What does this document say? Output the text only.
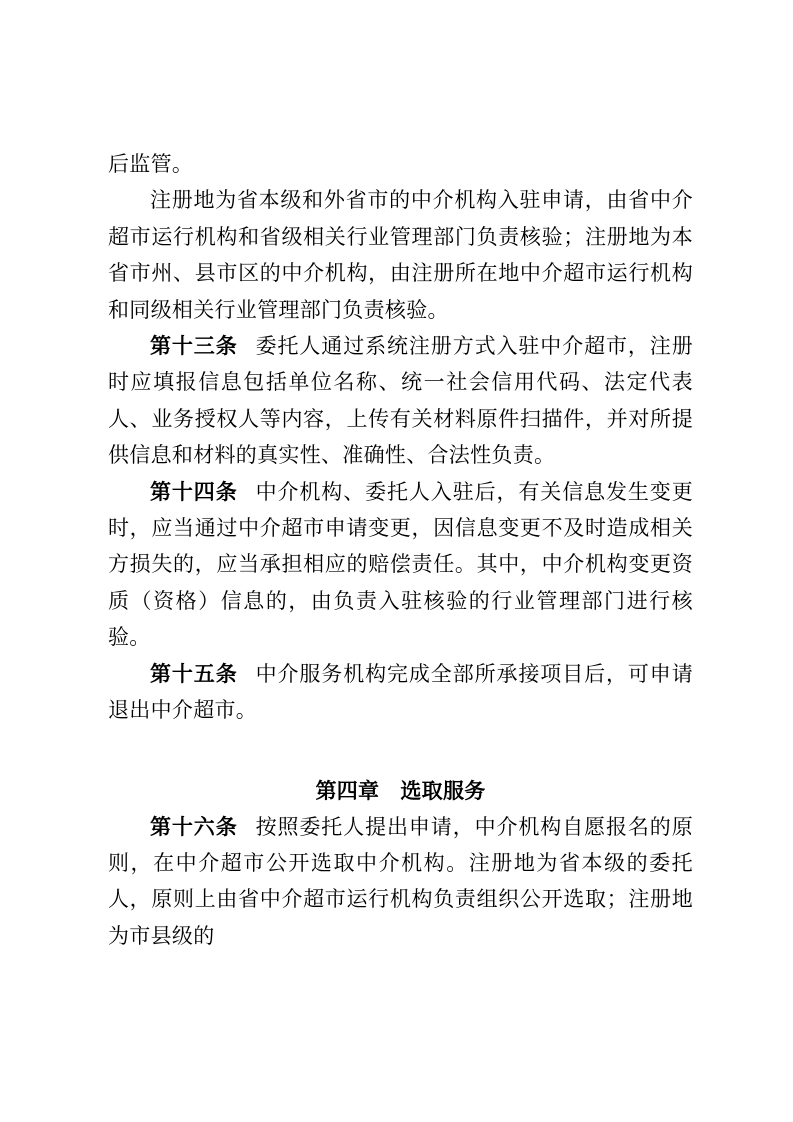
后监管。

注册地为省本级和外省市的中介机构入驻申请，由省中介超市运行机构和省级相关行业管理部门负责核验；注册地为本省市州、县市区的中介机构，由注册所在地中介超市运行机构和同级相关行业管理部门负责核验。

第十三条 委托人通过系统注册方式入驻中介超市，注册时应填报信息包括单位名称、统一社会信用代码、法定代表人、业务授权人等内容，上传有关材料原件扫描件，并对所提供信息和材料的真实性、准确性、合法性负责。

第十四条 中介机构、委托人入驻后，有关信息发生变更时，应当通过中介超市申请变更，因信息变更不及时造成相关方损失的，应当承担相应的赔偿责任。其中，中介机构变更资质（资格）信息的，由负责入驻核验的行业管理部门进行核验。

第十五条 中介服务机构完成全部所承接项目后，可申请退出中介超市。

第四章 选取服务

第十六条 按照委托人提出申请，中介机构自愿报名的原则，在中介超市公开选取中介机构。注册地为省本级的委托人，原则上由省中介超市运行机构负责组织公开选取；注册地为市县级的
